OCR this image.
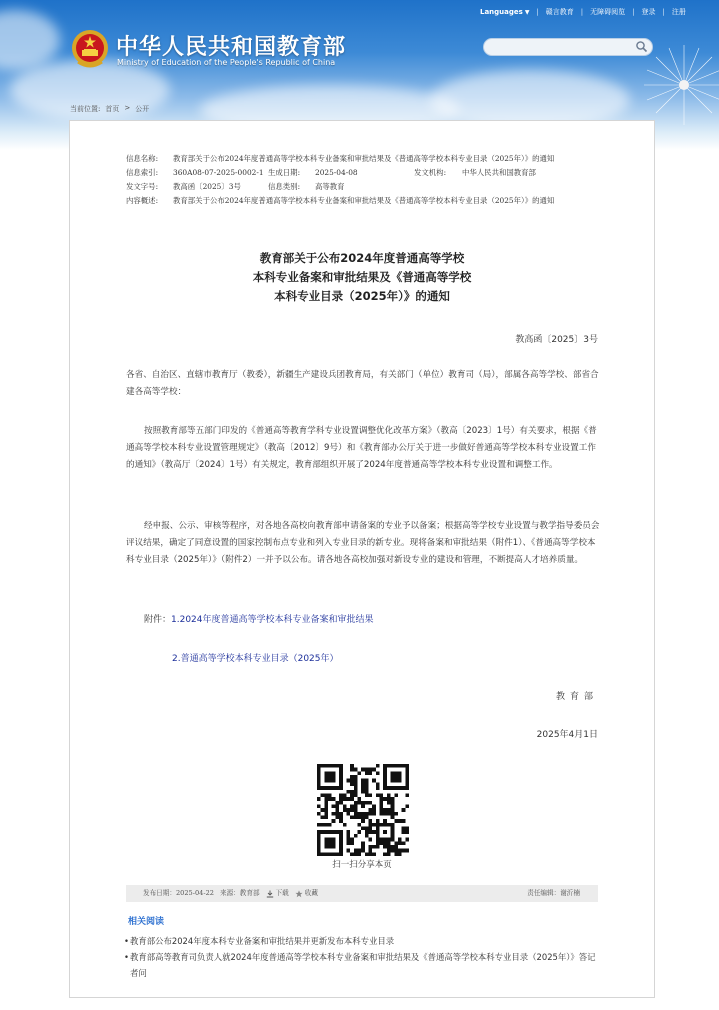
Languages ▼ | 赣言教育 | 无障碍阅览 | 登录 | 注册
中华人民共和国教育部
Ministry of Education of the People's Republic of China
当前位置: 首页 > 公开
信息名称: 教育部关于公布2024年度普通高等学校本科专业备案和审批结果及《普通高等学校本科专业目录（2025年）》的通知
信息索引: 360A08-07-2025-0002-1 生成日期: 2025-04-08	发文机构: 中华人民共和国教育部
发文字号: 教高函〔2025〕3号	信息类别: 高等教育
内容概述: 教育部关于公布2024年度普通高等学校本科专业备案和审批结果及《普通高等学校本科专业目录（2025年）》的通知
教育部关于公布2024年度普通高等学校
本科专业备案和审批结果及《普通高等学校
本科专业目录（2025年）》的通知
教高函〔2025〕3号
各省、自治区、直辖市教育厅（教委），新疆生产建设兵团教育局，有关部门（单位）教育司（局），部属各高等学校、部省合建各高等学校：
按照教育部等五部门印发的《普通高等教育学科专业设置调整优化改革方案》（教高〔2023〕1号）有关要求，根据《普通高等学校本科专业设置管理规定》（教高〔2012〕9号）和《教育部办公厅关于进一步做好普通高等学校本科专业设置工作的通知》（教高厅〔2024〕1号）有关规定，教育部组织开展了2024年度普通高等学校本科专业设置和调整工作。
经申报、公示、审核等程序，对各地各高校向教育部申请备案的专业予以备案；根据高等学校专业设置与教学指导委员会评议结果，确定了同意设置的国家控制布点专业和列入专业目录的新专业。现将备案和审批结果（附件1）、《普通高等学校本科专业目录（2025年）》（附件2）一并予以公布。请各地各高校加强对新设专业的建设和管理，不断提高人才培养质量。
附件：1.2024年度普通高等学校本科专业备案和审批结果
2.普通高等学校本科专业目录（2025年）
教育部
2025年4月1日
扫一扫分享本页
发布日期：2025-04-22 来源：教育部 下载 收藏	责任编辑：谢沂楠
相关阅读
• 教育部公布2024年度本科专业备案和审批结果并更新发布本科专业目录
• 教育部高等教育司负责人就2024年度普通高等学校本科专业备案和审批结果及《普通高等学校本科专业目录（2025年）》答记者问
